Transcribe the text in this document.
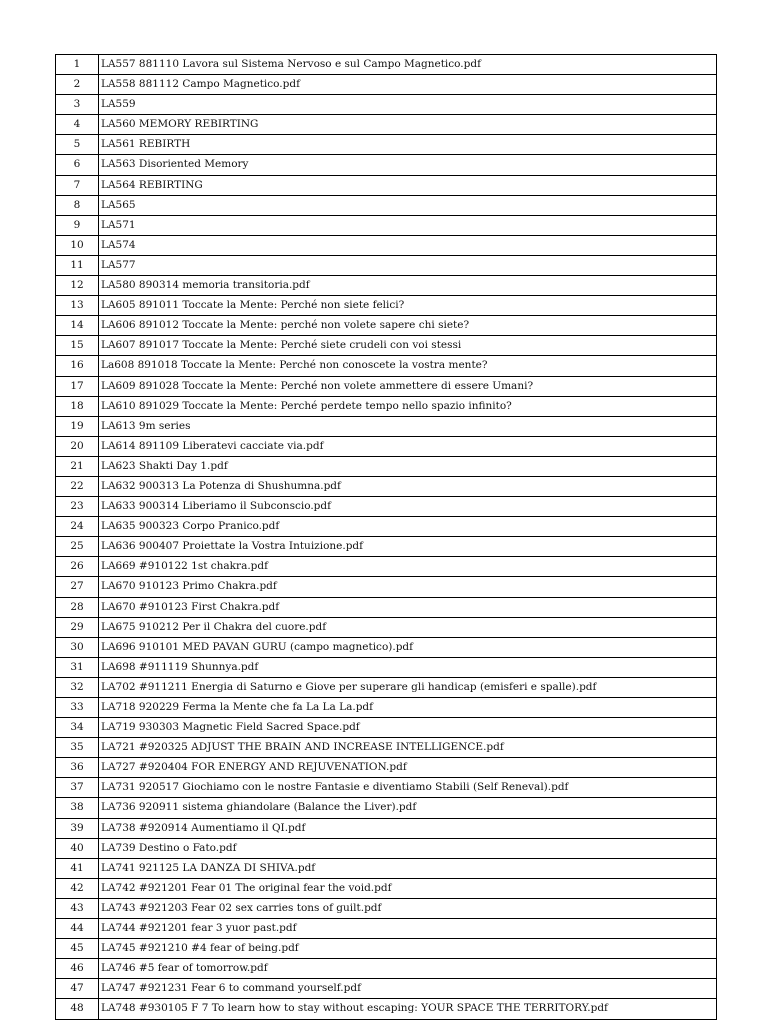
1	LA557 881110 Lavora sul Sistema Nervoso e sul Campo Magnetico.pdf
2	LA558 881112 Campo Magnetico.pdf
3	LA559
4	LA560 MEMORY REBIRTING
5	LA561 REBIRTH
6	LA563 Disoriented Memory
7	LA564 REBIRTING
8	LA565
9	LA571
10	LA574
11	LA577
12	LA580 890314 memoria transitoria.pdf
13	LA605 891011 Toccate la Mente: Perché non siete felici?
14	LA606 891012 Toccate la Mente: perché non volete sapere chi siete?
15	LA607 891017 Toccate la Mente: Perché siete crudeli con voi stessi
16	La608 891018 Toccate la Mente: Perché non conoscete la vostra mente?
17	LA609 891028 Toccate la Mente: Perché non volete ammettere di essere Umani?
18	LA610 891029 Toccate la Mente: Perché perdete tempo nello spazio infinito?
19	LA613 9m series
20	LA614 891109 Liberatevi cacciate via.pdf
21	LA623 Shakti Day 1.pdf
22	LA632 900313 La Potenza di Shushumna.pdf
23	LA633 900314 Liberiamo il Subconscio.pdf
24	LA635 900323 Corpo Pranico.pdf
25	LA636 900407 Proiettate la Vostra Intuizione.pdf
26	LA669 #910122 1st chakra.pdf
27	LA670 910123 Primo Chakra.pdf
28	LA670 #910123 First Chakra.pdf
29	LA675 910212 Per il Chakra del cuore.pdf
30	LA696 910101 MED PAVAN GURU (campo magnetico).pdf
31	LA698 #911119 Shunnya.pdf
32	LA702 #911211 Energia di Saturno e Giove per superare gli handicap (emisferi e spalle).pdf
33	LA718 920229 Ferma la Mente che fa La La La.pdf
34	LA719 930303 Magnetic Field Sacred Space.pdf
35	LA721 #920325 ADJUST THE BRAIN AND INCREASE INTELLIGENCE.pdf
36	LA727 #920404 FOR ENERGY AND REJUVENATION.pdf
37	LA731 920517 Giochiamo con le nostre Fantasie e diventiamo Stabili (Self Reneval).pdf
38	LA736 920911 sistema ghiandolare (Balance the Liver).pdf
39	LA738 #920914 Aumentiamo il QI.pdf
40	LA739 Destino o Fato.pdf
41	LA741 921125 LA DANZA DI SHIVA.pdf
42	LA742 #921201 Fear 01 The original fear the void.pdf
43	LA743 #921203 Fear 02 sex carries tons of guilt.pdf
44	LA744 #921201 fear 3 yuor past.pdf
45	LA745 #921210 #4 fear of being.pdf
46	LA746 #5 fear of tomorrow.pdf
47	LA747 #921231 Fear 6 to command yourself.pdf
48	LA748 #930105 F 7 To learn how to stay without escaping: YOUR SPACE THE TERRITORY.pdf
